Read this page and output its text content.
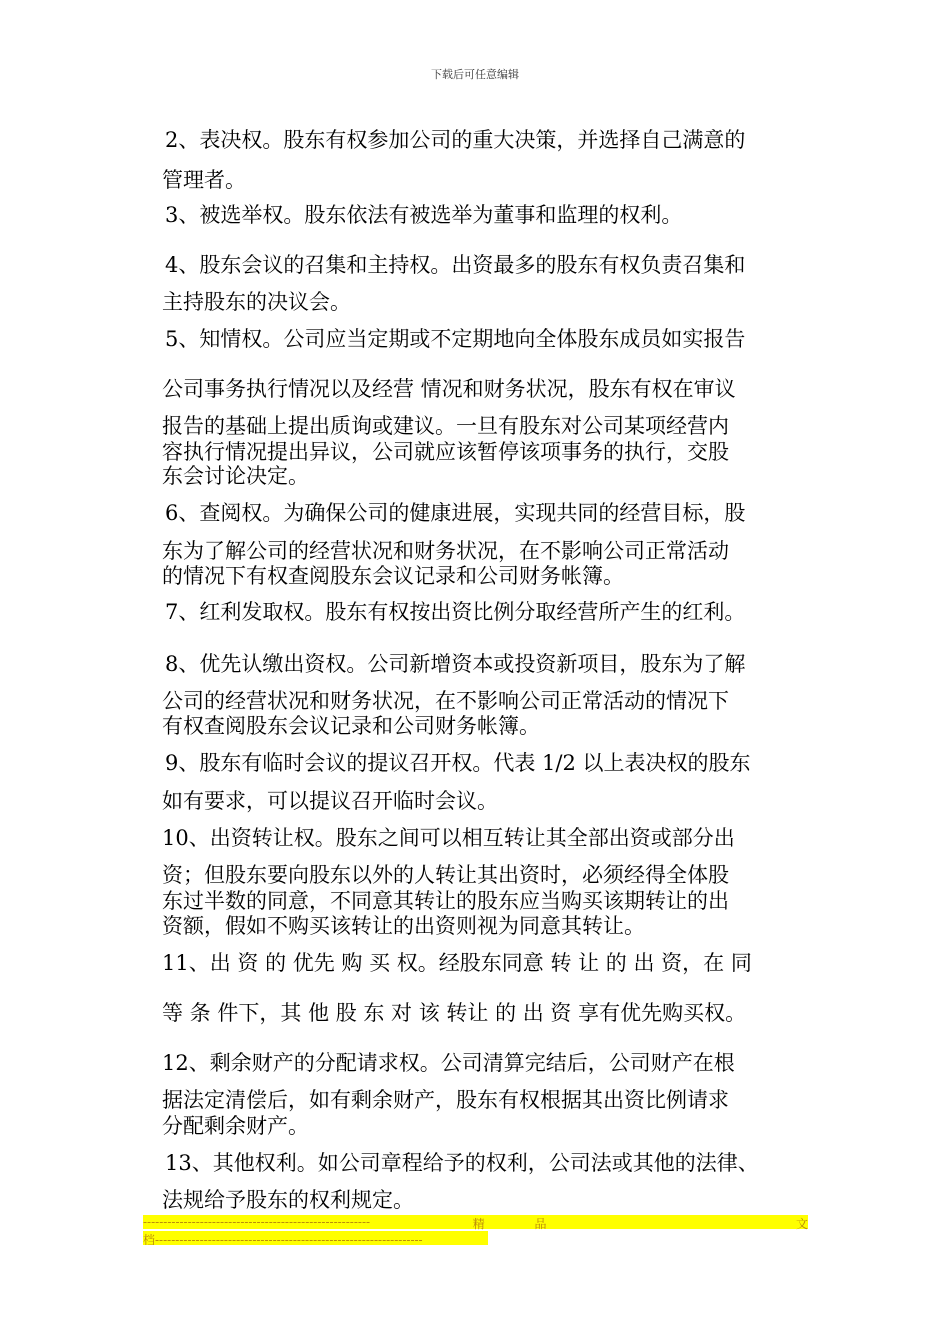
下载后可任意编辑
2、表决权。股东有权参加公司的重大决策，并选择自己满意的
管理者。
3、被选举权。股东依法有被选举为董事和监理的权利。
4、股东会议的召集和主持权。出资最多的股东有权负责召集和
主持股东的决议会。
5、知情权。公司应当定期或不定期地向全体股东成员如实报告
公司事务执行情况以及经营 情况和财务状况，股东有权在审议
报告的基础上提出质询或建议。一旦有股东对公司某项经营内
容执行情况提出异议，公司就应该暂停该项事务的执行，交股
东会讨论决定。
6、查阅权。为确保公司的健康进展，实现共同的经营目标，股
东为了解公司的经营状况和财务状况，在不影响公司正常活动
的情况下有权查阅股东会议记录和公司财务帐簿。
7、红利发取权。股东有权按出资比例分取经营所产生的红利。
8、优先认缴出资权。公司新增资本或投资新项目，股东为了解
公司的经营状况和财务状况，在不影响公司正常活动的情况下
有权查阅股东会议记录和公司财务帐簿。
9、股东有临时会议的提议召开权。代表 1/2 以上表决权的股东
如有要求，可以提议召开临时会议。
10、出资转让权。股东之间可以相互转让其全部出资或部分出
资；但股东要向股东以外的人转让其出资时，必须经得全体股
东过半数的同意，不同意其转让的股东应当购买该期转让的出
资额，假如不购买该转让的出资则视为同意其转让。
11、出 资 的 优先 购 买 权。经股东同意 转 让 的 出 资，在 同
等 条 件下，其 他 股 东 对 该 转让 的 出 资 享有优先购买权。
12、剩余财产的分配请求权。公司清算完结后，公司财产在根
据法定清偿后，如有剩余财产，股东有权根据其出资比例请求
分配剩余财产。
13、其他权利。如公司章程给予的权利，公司法或其他的法律、
法规给予股东的权利规定。
--------------------------------------------------------	精	品	文
档------------------------------------------------------------------
